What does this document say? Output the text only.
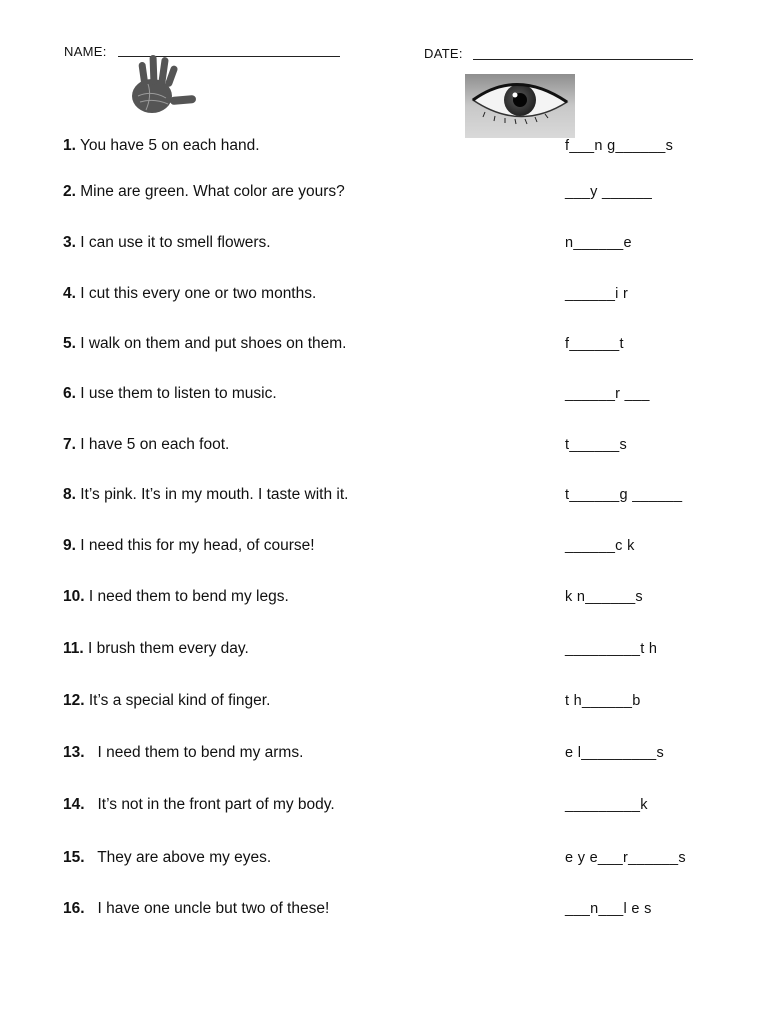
NAME:	DATE:
1. You have 5 on each hand.	f___n g______s
2. Mine are green. What color are yours?	___y ______
3. I can use it to smell flowers.	n______e
4. I cut this every one or two months.	______i r
5. I walk on them and put shoes on them.	f______t
6. I use them to listen to music.	______r ___
7. I have 5 on each foot.	t______s
8. It’s pink. It’s in my mouth. I taste with it.	t______g ______
9. I need this for my head, of course!	______c k
10. I need them to bend my legs.	k n______s
11. I brush them every day.	_________t h
12. It’s a special kind of finger.	t h______b
13.   I need them to bend my arms.	e l_________s
14.   It’s not in the front part of my body.	_________k
15.   They are above my eyes.	e y e___r______s
16.   I have one uncle but two of these!	___n___l e s
